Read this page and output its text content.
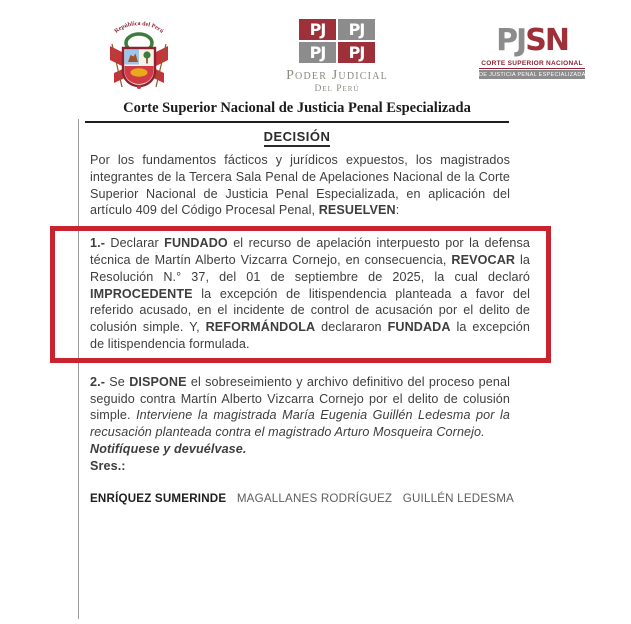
República del Perú	PJ	PJ
PJ	PJ
Poder Judicial
Del Perú
PJSN
CORTE SUPERIOR NACIONAL
DE JUSTICIA PENAL ESPECIALIZADA
Corte Superior Nacional de Justicia Penal Especializada
DECISIÓN

Por los fundamentos fácticos y jurídicos expuestos, los magistrados integrantes de la Tercera Sala Penal de Apelaciones Nacional de la Corte Superior Nacional de Justicia Penal Especializada, en aplicación del artículo 409 del Código Procesal Penal, RESUELVEN:

1.- Declarar FUNDADO el recurso de apelación interpuesto por la defensa técnica de Martín Alberto Vizcarra Cornejo, en consecuencia, REVOCAR la Resolución N.° 37, del 01 de septiembre de 2025, la cual declaró IMPROCEDENTE la excepción de litispendencia planteada a favor del referido acusado, en el incidente de control de acusación por el delito de colusión simple. Y, REFORMÁNDOLA declararon FUNDADA la excepción de litispendencia formulada.

2.- Se DISPONE el sobreseimiento y archivo definitivo del proceso penal seguido contra Martín Alberto Vizcarra Cornejo por el delito de colusión simple. Interviene la magistrada María Eugenia Guillén Ledesma por la recusación planteada contra el magistrado Arturo Mosqueira Cornejo.
Notifíquese y devuélvase.

Sres.:

ENRÍQUEZ SUMERINDE MAGALLANES RODRÍGUEZ GUILLÉN LEDESMA
